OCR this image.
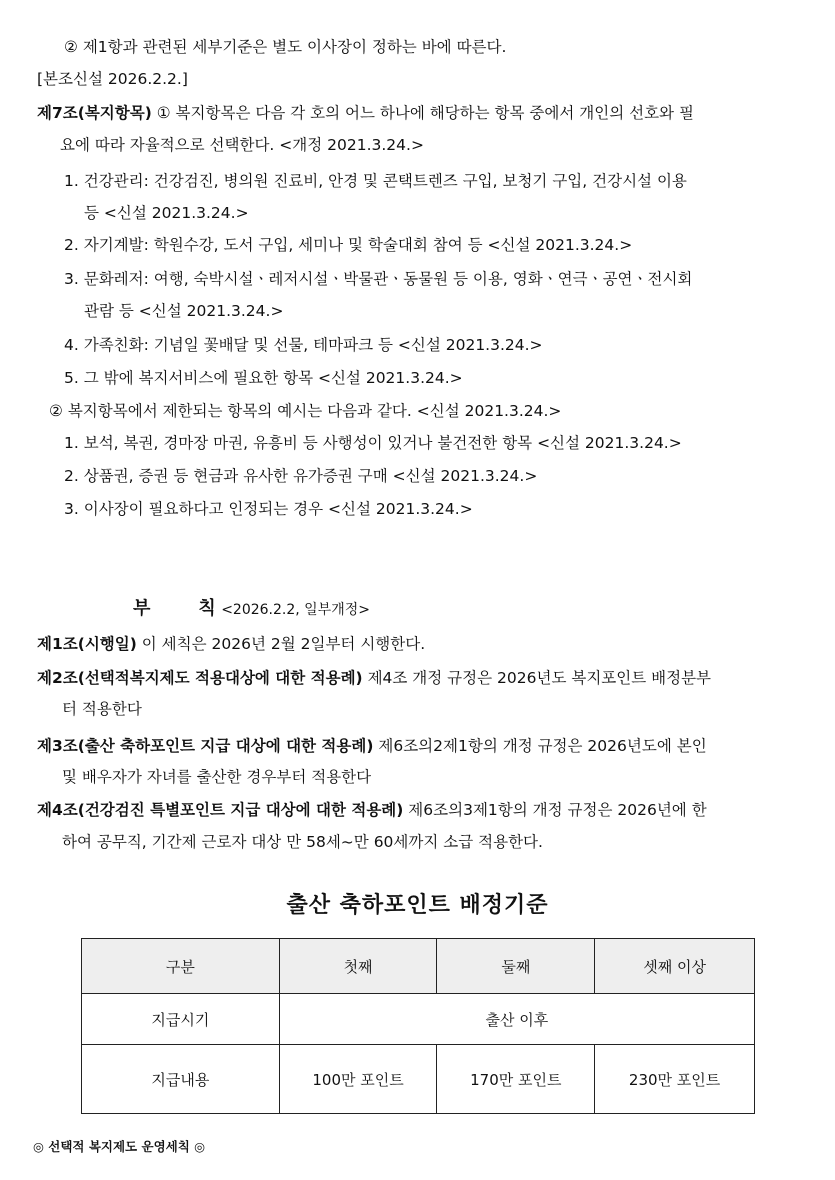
② 제1항과 관련된 세부기준은 별도 이사장이 정하는 바에 따른다.
[본조신설 2026.2.2.]
제7조(복지항목) ① 복지항목은 다음 각 호의 어느 하나에 해당하는 항목 중에서 개인의 선호와 필
요에 따라 자율적으로 선택한다. <개정 2021.3.24.>
1. 건강관리: 건강검진, 병의원 진료비, 안경 및 콘택트렌즈 구입, 보청기 구입, 건강시설 이용
등 <신설 2021.3.24.>
2. 자기계발: 학원수강, 도서 구입, 세미나 및 학술대회 참여 등 <신설 2021.3.24.>
3. 문화레저: 여행, 숙박시설ㆍ레저시설ㆍ박물관ㆍ동물원 등 이용, 영화ㆍ연극ㆍ공연ㆍ전시회
관람 등 <신설 2021.3.24.>
4. 가족친화: 기념일 꽃배달 및 선물, 테마파크 등 <신설 2021.3.24.>
5. 그 밖에 복지서비스에 필요한 항목 <신설 2021.3.24.>
② 복지항목에서 제한되는 항목의 예시는 다음과 같다. <신설 2021.3.24.>
1. 보석, 복권, 경마장 마권, 유흥비 등 사행성이 있거나 불건전한 항목 <신설 2021.3.24.>
2. 상품권, 증권 등 현금과 유사한 유가증권 구매 <신설 2021.3.24.>
3. 이사장이 필요하다고 인정되는 경우 <신설 2021.3.24.>
부	칙 <2026.2.2, 일부개정>
제1조(시행일) 이 세칙은 2026년 2월 2일부터 시행한다.
제2조(선택적복지제도 적용대상에 대한 적용례) 제4조 개정 규정은 2026년도 복지포인트 배정분부
터 적용한다
제3조(출산 축하포인트 지급 대상에 대한 적용례) 제6조의2제1항의 개정 규정은 2026년도에 본인
및 배우자가 자녀를 출산한 경우부터 적용한다
제4조(건강검진 특별포인트 지급 대상에 대한 적용례) 제6조의3제1항의 개정 규정은 2026년에 한
하여 공무직, 기간제 근로자 대상 만 58세~만 60세까지 소급 적용한다.
출산 축하포인트 배정기준
구분	첫째	둘째	셋째 이상
지급시기	출산 이후		
지급내용	100만 포인트	170만 포인트	230만 포인트
◎ 선택적 복지제도 운영세칙 ◎
